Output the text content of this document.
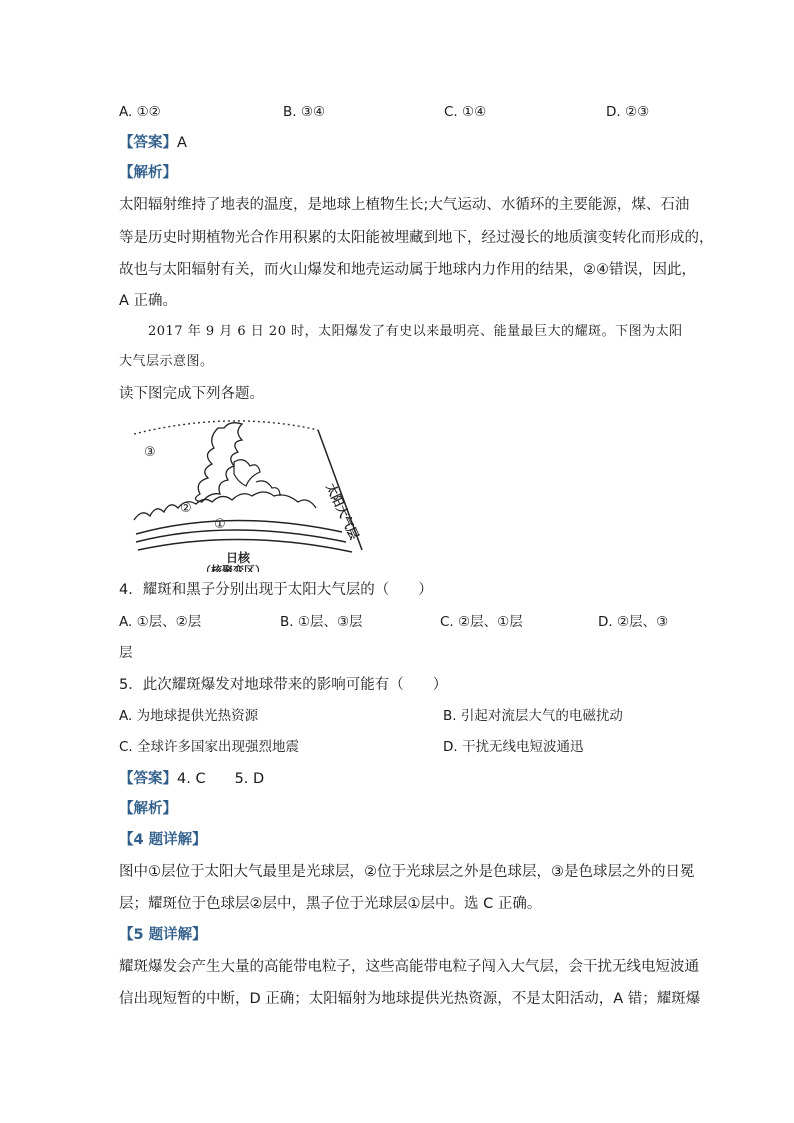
A. ①②	B. ③④	C. ①④	D. ②③
【答案】A
【解析】
太阳辐射维持了地表的温度，是地球上植物生长;大气运动、水循环的主要能源，煤、石油
等是历史时期植物光合作用积累的太阳能被埋藏到地下，经过漫长的地质演变转化而形成的，
故也与太阳辐射有关，而火山爆发和地壳运动属于地球内力作用的结果，②④错误，因此，
A 正确。
2017 年 9 月 6 日 20 时，太阳爆发了有史以来最明亮、能量最巨大的耀斑。下图为太阳
大气层示意图。
读下图完成下列各题。
③
②
①	太阳大气层
日核
（核聚变区）
4．耀斑和黑子分别出现于太阳大气层的（　　）
A. ①层、②层	B. ①层、③层	C. ②层、①层	D. ②层、③
层
5．此次耀斑爆发对地球带来的影响可能有（　　）
A. 为地球提供光热资源	B. 引起对流层大气的电磁扰动
C. 全球许多国家出现强烈地震	D. 干扰无线电短波通迅
【答案】4. C　　5. D
【解析】
【4 题详解】
图中①层位于太阳大气最里是光球层，②位于光球层之外是色球层，③是色球层之外的日冕
层；耀斑位于色球层②层中，黑子位于光球层①层中。选 C 正确。
【5 题详解】
耀斑爆发会产生大量的高能带电粒子，这些高能带电粒子闯入大气层，会干扰无线电短波通
信出现短暂的中断，D 正确；太阳辐射为地球提供光热资源，不是太阳活动，A 错；耀斑爆
